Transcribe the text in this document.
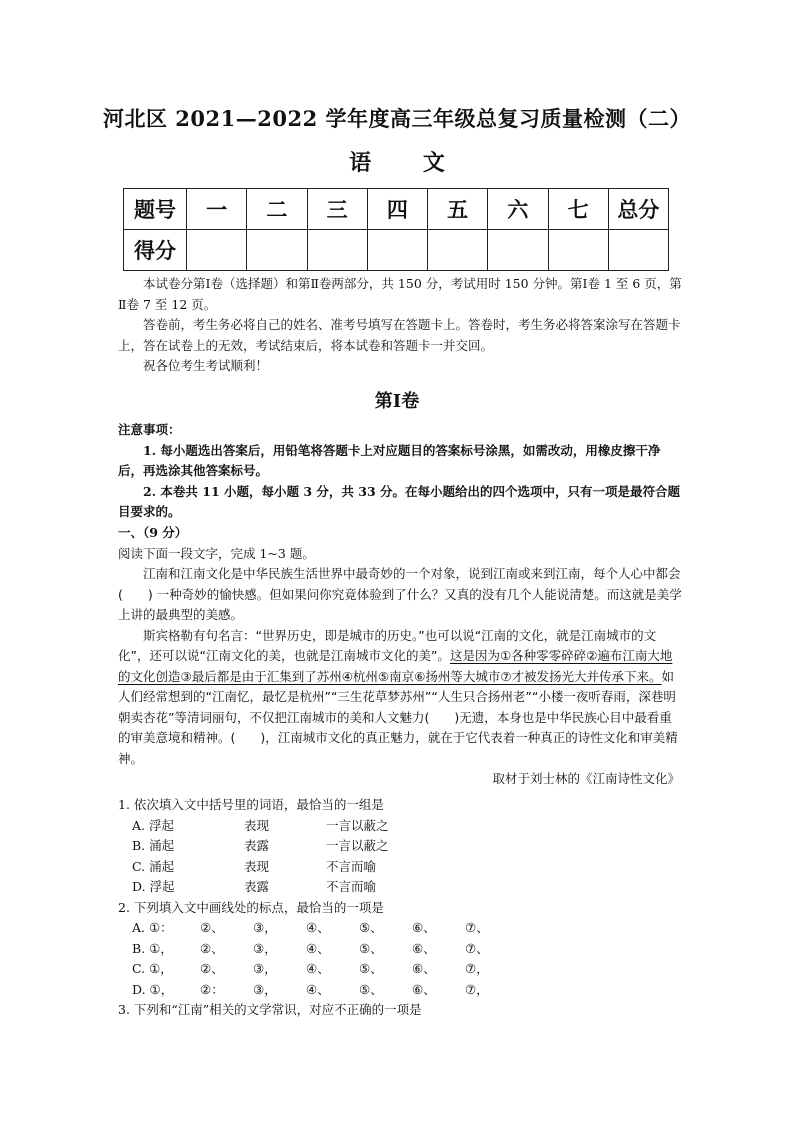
河北区 2021—2022 学年度高三年级总复习质量检测（二）
语 文
题号	一	二	三	四	五	六	七	总分
得分								

本试卷分第Ⅰ卷（选择题）和第Ⅱ卷两部分，共 150 分，考试用时 150 分钟。第Ⅰ卷 1 至 6 页，第Ⅱ卷 7 至 12 页。

答卷前，考生务必将自己的姓名、准考号填写在答题卡上。答卷时，考生务必将答案涂写在答题卡上，答在试卷上的无效，考试结束后，将本试卷和答题卡一并交回。

祝各位考生考试顺利！

第Ⅰ卷

注意事项：

1. 每小题选出答案后，用铅笔将答题卡上对应题目的答案标号涂黑，如需改动，用橡皮擦干净后，再选涂其他答案标号。

2. 本卷共 11 小题，每小题 3 分，共 33 分。在每小题给出的四个选项中，只有一项是最符合题目要求的。

一、（9 分）

阅读下面一段文字，完成 1~3 题。

江南和江南文化是中华民族生活世界中最奇妙的一个对象，说到江南或来到江南，每个人心中都会(　　) 一种奇妙的愉快感。但如果问你究竟体验到了什么？又真的没有几个人能说清楚。而这就是美学上讲的最典型的美感。

斯宾格勒有句名言：“世界历史，即是城市的历史。”也可以说“江南的文化，就是江南城市的文化”，还可以说“江南文化的美，也就是江南城市文化的美”。这是因为①各种零零碎碎②遍布江南大地的文化创造③最后都是由于汇集到了苏州④杭州⑤南京⑥扬州等大城市⑦才被发扬光大并传承下来。如人们经常想到的“江南忆，最忆是杭州”“三生花草梦苏州”“人生只合扬州老”“小楼一夜听春雨，深巷明朝卖杏花”等清词丽句，不仅把江南城市的美和人文魅力(　　)无遗，本身也是中华民族心目中最看重的审美意境和精神。(　　)，江南城市文化的真正魅力，就在于它代表着一种真正的诗性文化和审美精神。

取材于刘士林的《江南诗性文化》

1. 依次填入文中括号里的词语，最恰当的一组是

A. 浮起	表现	一言以蔽之
B. 涌起	表露	一言以蔽之
C. 涌起	表现	不言而喻
D. 浮起	表露	不言而喻

2. 下列填入文中画线处的标点，最恰当的一项是

A. ①：	②、	③，	④、	⑤、	⑥、	⑦、
B. ①，	②、	③，	④、	⑤、	⑥、	⑦、
C. ①，	②、	③，	④、	⑤、	⑥、	⑦，
D. ①，	②：	③，	④、	⑤、	⑥、	⑦，

3. 下列和“江南”相关的文学常识，对应不正确的一项是
